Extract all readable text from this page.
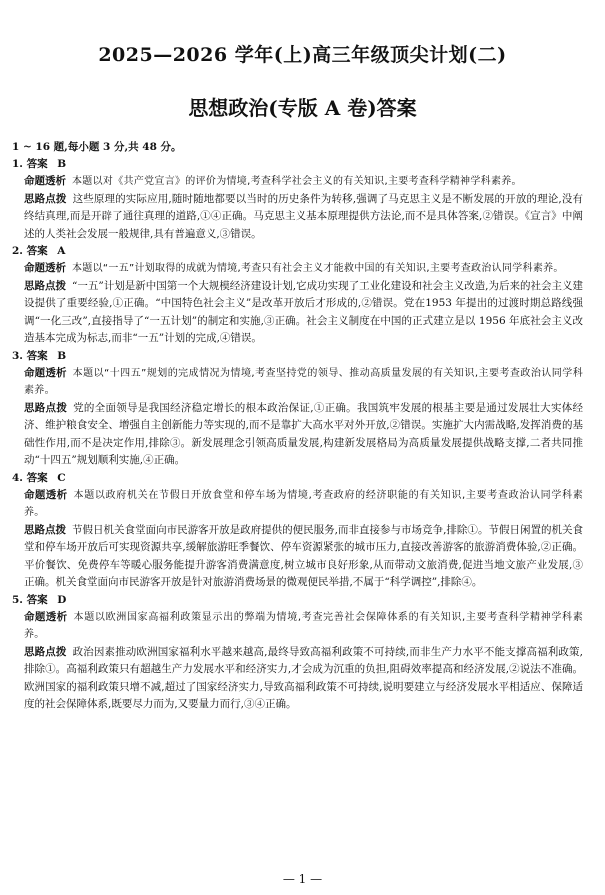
2025—2026 学年(上)高三年级顶尖计划(二)
思想政治(专版 A 卷)答案
1 ~ 16 题,每小题 3 分,共 48 分。
1. 答案 B
命题透析 本题以对《共产党宣言》的评价为情境,考查科学社会主义的有关知识,主要考查科学精神学科素养。
思路点拨 这些原理的实际应用,随时随地都要以当时的历史条件为转移,强调了马克思主义是不断发展的开放的理论,没有终结真理,而是开辟了通往真理的道路,①④正确。马克思主义基本原理提供方法论,而不是具体答案,②错误。《宣言》中阐述的人类社会发展一般规律,具有普遍意义,③错误。
2. 答案 A
命题透析 本题以“一五”计划取得的成就为情境,考查只有社会主义才能救中国的有关知识,主要考查政治认同学科素养。
思路点拨 “一五”计划是新中国第一个大规模经济建设计划,它成功实现了工业化建设和社会主义改造,为后来的社会主义建设提供了重要经验,①正确。“中国特色社会主义”是改革开放后才形成的,②错误。党在1953 年提出的过渡时期总路线强调“一化三改”,直接指导了“一五计划”的制定和实施,③正确。社会主义制度在中国的正式建立是以 1956 年底社会主义改造基本完成为标志,而非“一五”计划的完成,④错误。
3. 答案 B
命题透析 本题以“十四五”规划的完成情况为情境,考查坚持党的领导、推动高质量发展的有关知识,主要考查政治认同学科素养。
思路点拨 党的全面领导是我国经济稳定增长的根本政治保证,①正确。我国筑牢发展的根基主要是通过发展壮大实体经济、维护粮食安全、增强自主创新能力等实现的,而不是靠扩大高水平对外开放,②错误。实施扩大内需战略,发挥消费的基础性作用,而不是决定作用,排除③。新发展理念引领高质量发展,构建新发展格局为高质量发展提供战略支撑,二者共同推动“十四五”规划顺利实施,④正确。
4. 答案 C
命题透析 本题以政府机关在节假日开放食堂和停车场为情境,考查政府的经济职能的有关知识,主要考查政治认同学科素养。
思路点拨 节假日机关食堂面向市民游客开放是政府提供的便民服务,而非直接参与市场竞争,排除①。节假日闲置的机关食堂和停车场开放后可实现资源共享,缓解旅游旺季餐饮、停车资源紧张的城市压力,直接改善游客的旅游消费体验,②正确。平价餐饮、免费停车等暖心服务能提升游客消费满意度,树立城市良好形象,从而带动文旅消费,促进当地文旅产业发展,③正确。机关食堂面向市民游客开放是针对旅游消费场景的微观便民举措,不属于“科学调控”,排除④。
5. 答案 D
命题透析 本题以欧洲国家高福利政策显示出的弊端为情境,考查完善社会保障体系的有关知识,主要考查科学精神学科素养。
思路点拨 政治因素推动欧洲国家福利水平越来越高,最终导致高福利政策不可持续,而非生产力水平不能支撑高福利政策,排除①。高福利政策只有超越生产力发展水平和经济实力,才会成为沉重的负担,阻碍效率提高和经济发展,②说法不准确。欧洲国家的福利政策只增不减,超过了国家经济实力,导致高福利政策不可持续,说明要建立与经济发展水平相适应、保障适度的社会保障体系,既要尽力而为,又要量力而行,③④正确。
— 1 —
